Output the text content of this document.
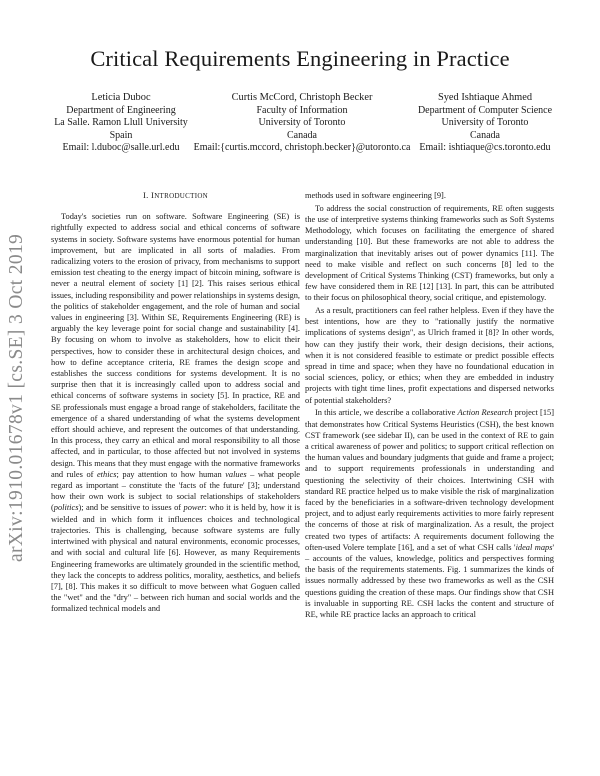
Critical Requirements Engineering in Practice
Leticia Duboc
Department of Engineering
La Salle. Ramon Llull University
Spain
Email: l.duboc@salle.url.edu
Curtis McCord, Christoph Becker
Faculty of Information
University of Toronto
Canada
Email:{curtis.mccord, christoph.becker}@utoronto.ca
Syed Ishtiaque Ahmed
Department of Computer Science
University of Toronto
Canada
Email: ishtiaque@cs.toronto.edu
arXiv:1910.01678v1 [cs.SE] 3 Oct 2019
I. INTRODUCTION

Today's societies run on software. Software Engineering (SE) is rightfully expected to address social and ethical concerns of software systems in society. Software systems have enormous potential for human improvement, but are implicated in all sorts of maladies. From radicalizing voters to the erosion of privacy, from mechanisms to support emission test cheating to the energy impact of bitcoin mining, software is never a neutral element of society [1] [2]. This raises serious ethical issues, including responsibility and power relationships in systems design, the politics of stakeholder engagement, and the role of human and social values in engineering [3]. Within SE, Requirements Engineering (RE) is arguably the key leverage point for social change and sustainability [4]. By focusing on whom to involve as stakeholders, how to elicit their perspectives, how to consider these in architectural design choices, and how to define acceptance criteria, RE frames the design scope and establishes the success conditions for systems development. It is no surprise then that it is increasingly called upon to address social and ethical concerns of software systems in society [5]. In practice, RE and SE professionals must engage a broad range of stakeholders, facilitate the emergence of a shared understanding of what the systems development effort should achieve, and represent the outcomes of that understanding. In this process, they carry an ethical and moral responsibility to all those affected, and in particular, to those affected but not involved in systems design. This means that they must engage with the normative frameworks and rules of ethics; pay attention to how human values – what people regard as important – constitute the 'facts of the future' [3]; understand how their own work is subject to social relationships of stakeholders (politics); and be sensitive to issues of power: who it is held by, how it is wielded and in which form it influences choices and technological trajectories. This is challenging, because software systems are fully intertwined with physical and natural environments, economic processes, and with social and cultural life [6]. However, as many Requirements Engineering frameworks are ultimately grounded in the scientific method, they lack the concepts to address politics, morality, aesthetics, and beliefs [7], [8]. This makes it so difficult to move between what Goguen called the "wet" and the "dry" – between rich human and social worlds and the formalized technical models and

methods used in software engineering [9].

To address the social construction of requirements, RE often suggests the use of interpretive systems thinking frameworks such as Soft Systems Methodology, which focuses on facilitating the emergence of shared understanding [10]. But these frameworks are not able to address the marginalization that inevitably arises out of power dynamics [11]. The need to make visible and reflect on such concerns [8] led to the development of Critical Systems Thinking (CST) frameworks, but only a few have considered them in RE [12] [13]. In part, this can be attributed to their focus on philosophical theory, social critique, and epistemology.

As a result, practitioners can feel rather helpless. Even if they have the best intentions, how are they to "rationally justify the normative implications of systems design", as Ulrich framed it [8]? In other words, how can they justify their work, their design decisions, their actions, when it is not considered feasible to estimate or predict possible effects spread in time and space; when they have no foundational education in social sciences, policy, or ethics; when they are embedded in industry projects with tight time lines, profit expectations and dispersed networks of potential stakeholders?

In this article, we describe a collaborative Action Research project [15] that demonstrates how Critical Systems Heuristics (CSH), the best known CST framework (see sidebar II), can be used in the context of RE to gain a critical awareness of power and politics; to support critical reflection on the human values and boundary judgments that guide and frame a project; and to support requirements professionals in understanding and questioning the selectivity of their choices. Intertwining CSH with standard RE practice helped us to make visible the risk of marginalization faced by the beneficiaries in a software-driven technology development project, and to adjust early requirements activities to more fairly represent the concerns of those at risk of marginalization. As a result, the project created two types of artifacts: A requirements document following the often-used Volere template [16], and a set of what CSH calls 'ideal maps' – accounts of the values, knowledge, politics and perspectives forming the basis of the requirements statements. Fig. 1 summarizes the kinds of issues normally addressed by these two frameworks as well as the CSH questions guiding the creation of these maps. Our findings show that CSH is invaluable in supporting RE. CSH lacks the content and structure of RE, while RE practice lacks an approach to critical
